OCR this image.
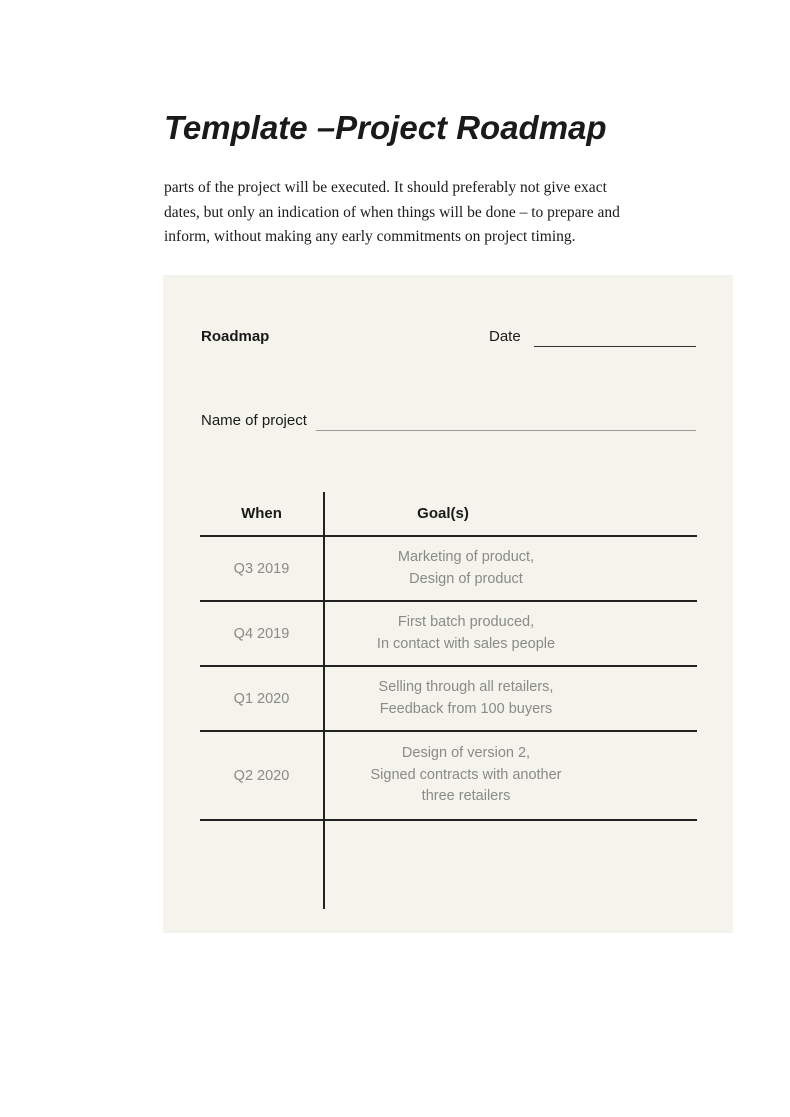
Template –Project Roadmap
parts of the project will be executed. It should preferably not give exact
dates, but only an indication of when things will be done – to prepare and
inform, without making any early commitments on project timing.
Roadmap	Date
Name of project
When	Goal(s)
Q3 2019
Marketing of product,
Design of product
Q4 2019
First batch produced,
In contact with sales people
Q1 2020
Selling through all retailers,
Feedback from 100 buyers
Q2 2020
Design of version 2,
Signed contracts with another
three retailers
